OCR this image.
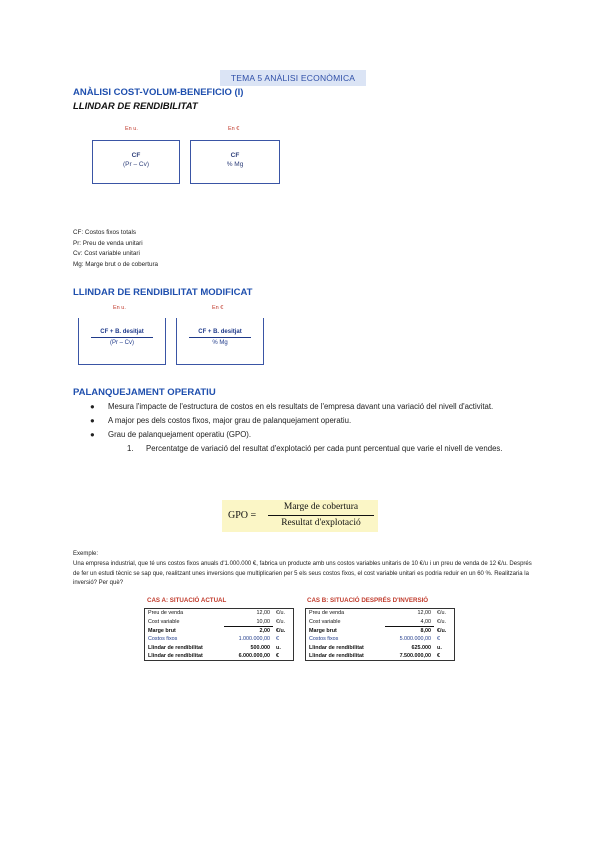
TEMA 5 ANÀLISI ECONÒMICA
ANÀLISI COST-VOLUM-BENEFICIO (I)
LLINDAR DE RENDIBILITAT
En u.	En €
CF
(Pr – Cv)
CF
% Mg
CF: Costos fixos totals
Pr: Preu de venda unitari
Cv: Cost variable unitari
Mg: Marge brut o de cobertura
LLINDAR DE RENDIBILITAT MODIFICAT
En u.	En €
CF + B. desitjat
(Pr – Cv)
CF + B. desitjat
% Mg
PALANQUEJAMENT OPERATIU
●	Mesura l'impacte de l'estructura de costos en els resultats de l'empresa davant una variació del nivell d'activitat.
●	A major pes dels costos fixos, major grau de palanquejament operatiu.
●	Grau de palanquejament operatiu (GPO).
1.	Percentatge de variació del resultat d'explotació per cada punt percentual que varie el nivell de vendes.
GPO =
Marge de cobertura
Resultat d'explotació
Exemple:
Una empresa industrial, que té uns costos fixos anuals d'1.000.000 €, fabrica un producte amb uns costos variables unitaris de 10 €/u i un preu de venda de 12 €/u. Després de fer un estudi tècnic se sap que, realitzant unes inversions que multiplicarien per 5 els seus costos fixos, el cost variable unitari es podria reduir en un 60 %. Realitzaria la inversió? Per què?
CAS A: SITUACIÓ ACTUAL
Preu de venda	12,00	€/u.
Cost variable	10,00	€/u.
Marge brut	2,00	€/u.
Costos fixos	1.000.000,00	€
Llindar de rendibilitat	500.000	u.
Llindar de rendibilitat	6.000.000,00	€
CAS B: SITUACIÓ DESPRÉS D'INVERSIÓ
Preu de venda	12,00	€/u.
Cost variable	4,00	€/u.
Marge brut	8,00	€/u.
Costos fixos	5.000.000,00	€
Llindar de rendibilitat	625.000	u.
Llindar de rendibilitat	7.500.000,00	€
